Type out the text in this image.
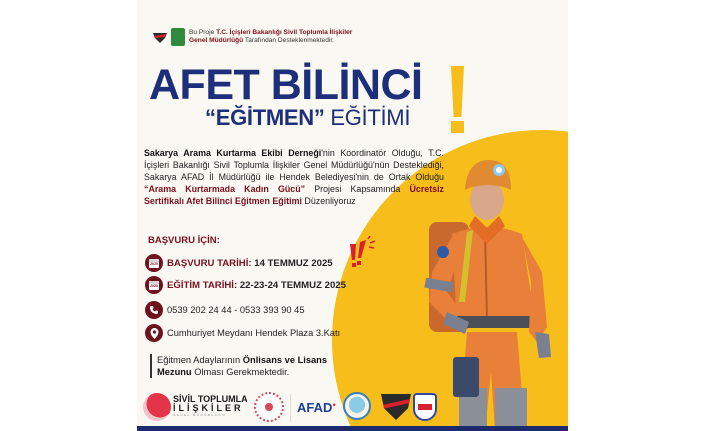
Bu Proje T.C. İçişleri Bakanlığı Sivil Toplumla İlişkiler
Genel Müdürlüğü Tarafından Desteklenmektedir.
AFET BİLİNCİ
“EĞİTMEN” EĞİTİMİ
Sakarya Arama Kurtarma Ekibi Derneği'nin Koordinatör Olduğu, T.C. İçişleri Bakanlığı Sivil Toplumla İlişkiler Genel Müdürlüğü'nün Desteklediği, Sakarya AFAD İl Müdürlüğü ile Hendek Belediyesi'nin de Ortak Olduğu “Arama Kurtarmada Kadın Gücü” Projesi Kapsamında Ücretsiz Sertifikalı Afet Bilinci Eğitmen Eğitimi Düzenliyoruz
BAŞVURU İÇİN:
2025 BAŞVURU TARİHİ : 14 TEMMUZ 2025
2025 EĞİTİM TARİHİ : 22-23-24 TEMMUZ 2025
0539 202 24 44 - 0533 393 90 45
Cumhuriyet Meydanı Hendek Plaza 3.Katı
Eğitmen Adaylarının Önlisans ve Lisans
Mezunu Olması Gerekmektedir.
SİVİL TOPLUMLA
İLİŞKİLER
GENEL MÜDÜRLÜĞÜ	AFAD●
